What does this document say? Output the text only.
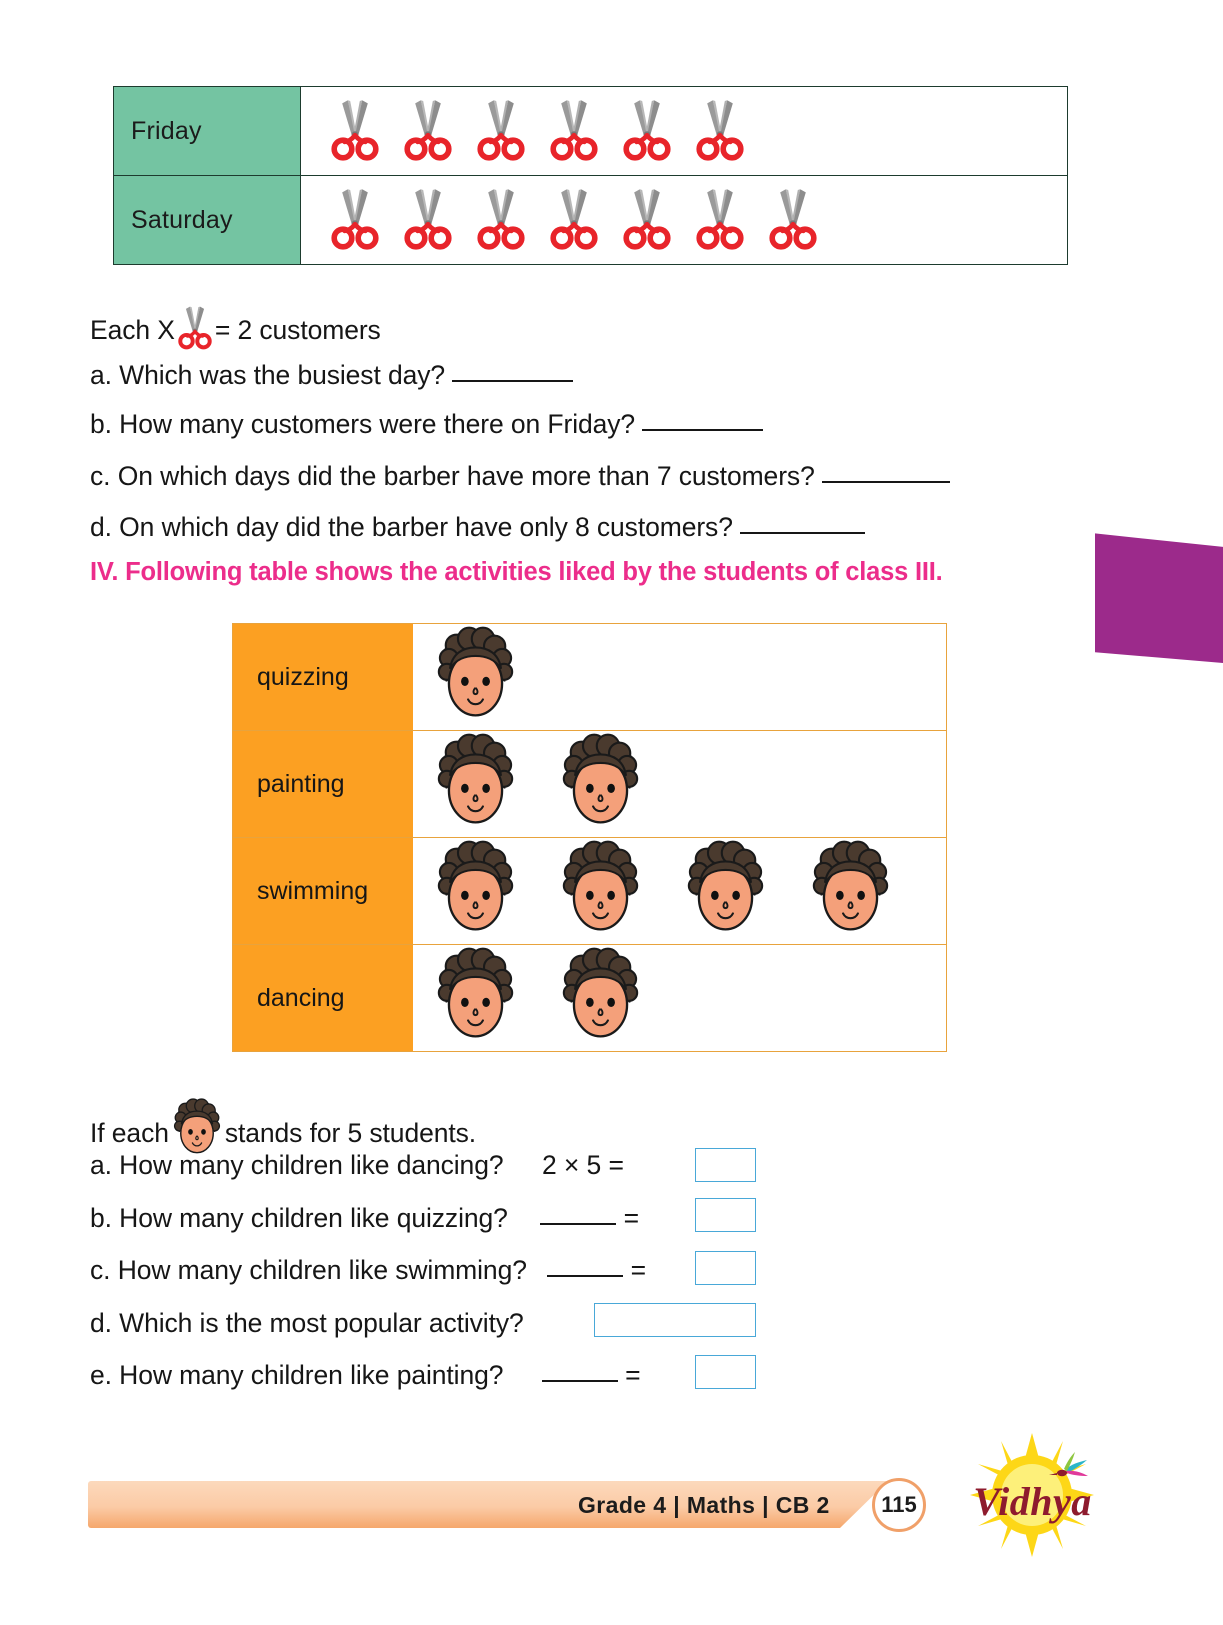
Friday
Saturday
Each X = 2 customers
a. Which was the busiest day?
b. How many customers were there on Friday?
c. On which days did the barber have more than 7 customers?
d. On which day did the barber have only 8 customers?
IV. Following table shows the activities liked by the students of class III.
quizzing
painting
swimming
dancing
If each stands for 5 students.
a. How many children like dancing? 2 × 5 =
b. How many children like quizzing?	=
c. How many children like swimming?	=
d. Which is the most popular activity?
e. How many children like painting?	=
Grade 4 | Maths | CB 2	115	Vidhya
